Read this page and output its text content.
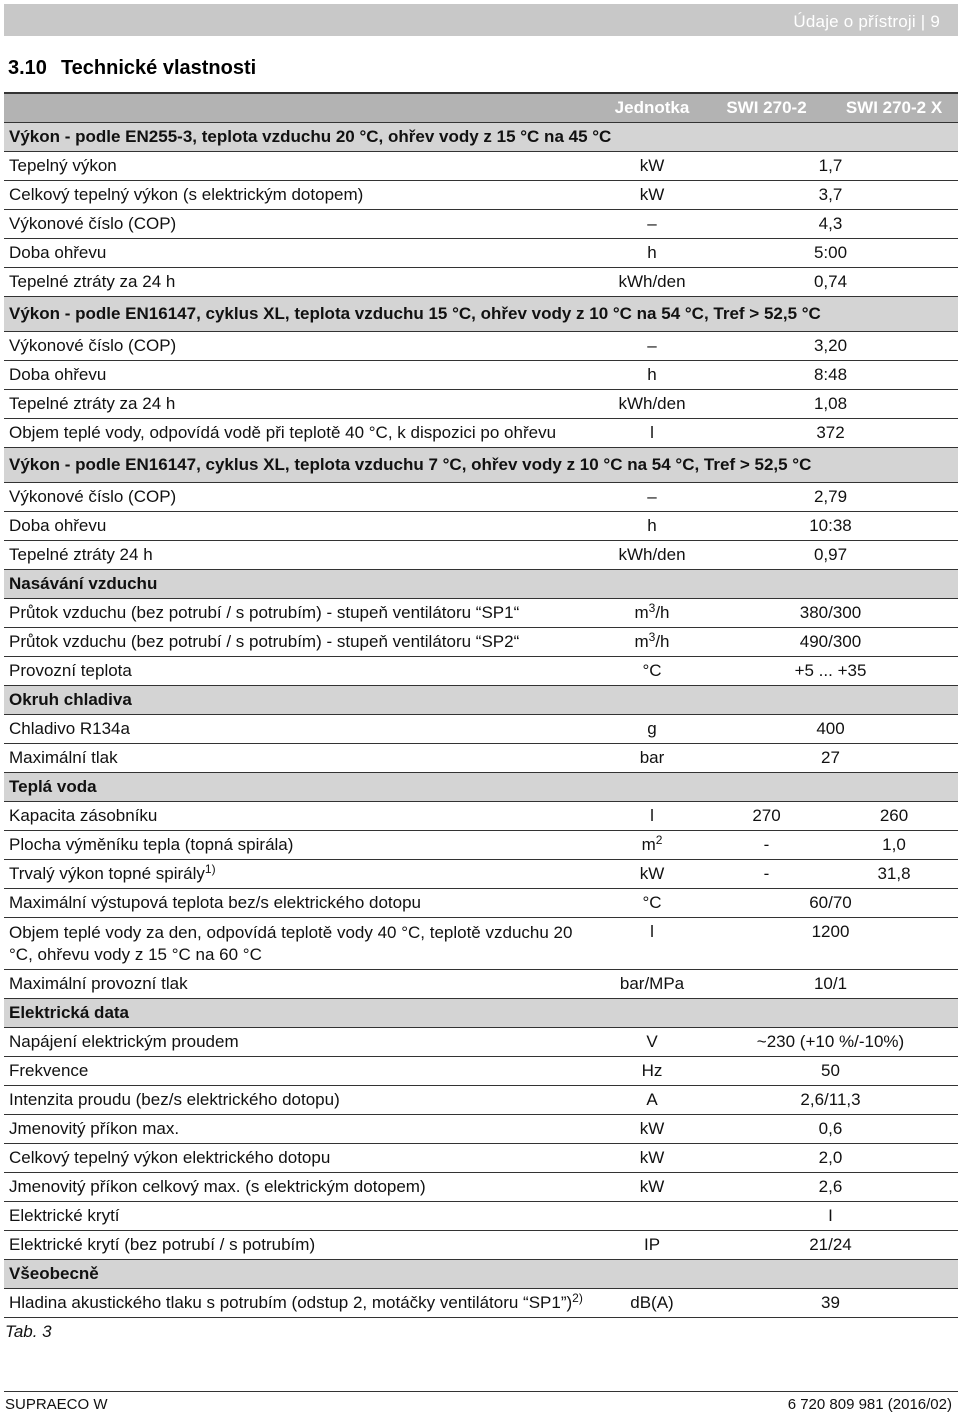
Údaje o přístroji | 9
3.10 Technické vlastnosti
	Jednotka	SWI 270-2	SWI 270-2 X
Výkon - podle EN255-3, teplota vzduchu 20 °C, ohřev vody z 15 °C na 45 °C			
Tepelný výkon	kW	1,7	
Celkový tepelný výkon (s elektrickým dotopem)	kW	3,7	
Výkonové číslo (COP)	–	4,3	
Doba ohřevu	h	5:00	
Tepelné ztráty za 24 h	kWh/den	0,74	
Výkon - podle EN16147, cyklus XL, teplota vzduchu 15 °C, ohřev vody z 10 °C na 54 °C, Tref > 52,5 °C			
Výkonové číslo (COP)	–	3,20	
Doba ohřevu	h	8:48	
Tepelné ztráty za 24 h	kWh/den	1,08	
Objem teplé vody, odpovídá vodě při teplotě 40 °C, k dispozici po ohřevu	l	372	
Výkon - podle EN16147, cyklus XL, teplota vzduchu 7 °C, ohřev vody z 10 °C na 54 °C, Tref > 52,5 °C			
Výkonové číslo (COP)	–	2,79	
Doba ohřevu	h	10:38	
Tepelné ztráty 24 h	kWh/den	0,97	
Nasávání vzduchu			
Průtok vzduchu (bez potrubí / s potrubím) - stupeň ventilátoru “SP1“	$m^3/h$	380/300	
Průtok vzduchu (bez potrubí / s potrubím) - stupeň ventilátoru “SP2“	$m^3/h$	490/300	
Provozní teplota	°C	+5 ... +35	
Okruh chladiva			
Chladivo R134a	g	400	
Maximální tlak	bar	27	
Teplá voda			
Kapacita zásobníku	l	270	260
Plocha výměníku tepla (topná spirála)	$m^2$	-	1,0
Trvalý výkon topné spirály$^{1)}$	kW	-	31,8
Maximální výstupová teplota bez/s elektrického dotopu	°C	60/70	
Objem teplé vody za den, odpovídá teplotě vody 40 °C, teplotě vzduchu 20 °C, ohřevu vody z 15 °C na 60 °C	l	1200	
Maximální provozní tlak	bar/MPa	10/1	
Elektrická data			
Napájení elektrickým proudem	V	~230 (+10 %/-10%)	
Frekvence	Hz	50	
Intenzita proudu (bez/s elektrického dotopu)	A	2,6/11,3	
Jmenovitý příkon max.	kW	0,6	
Celkový tepelný výkon elektrického dotopu	kW	2,0	
Jmenovitý příkon celkový max. (s elektrickým dotopem)	kW	2,6	
Elektrické krytí		I	
Elektrické krytí (bez potrubí / s potrubím)	IP	21/24	
Všeobecně			
Hladina akustického tlaku s potrubím (odstup 2, motáčky ventilátoru “SP1”)$^{2)}$	dB(A)	39	
Tab. 3
SUPRAECO W	6 720 809 981 (2016/02)
